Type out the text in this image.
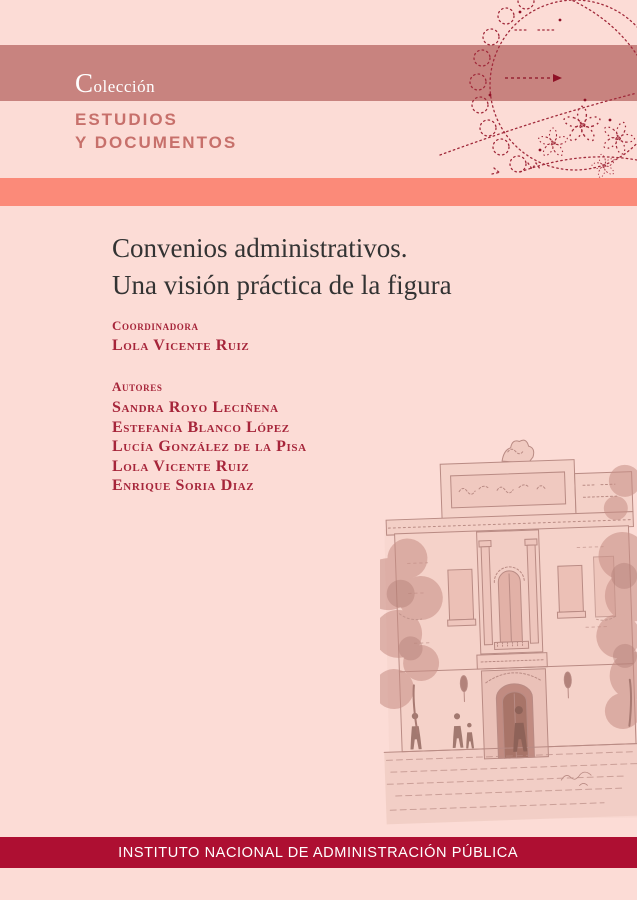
Colección
ESTUDIOS
Y DOCUMENTOS
Convenios administrativos.
Una visión práctica de la figura
Coordinadora
Lola Vicente Ruiz
Autores
Sandra Royo Leciñena
Estefanía Blanco López
Lucía González de la Pisa
Lola Vicente Ruiz
Enrique Soria Diaz
INSTITUTO NACIONAL DE ADMINISTRACIÓN PÚBLICA
